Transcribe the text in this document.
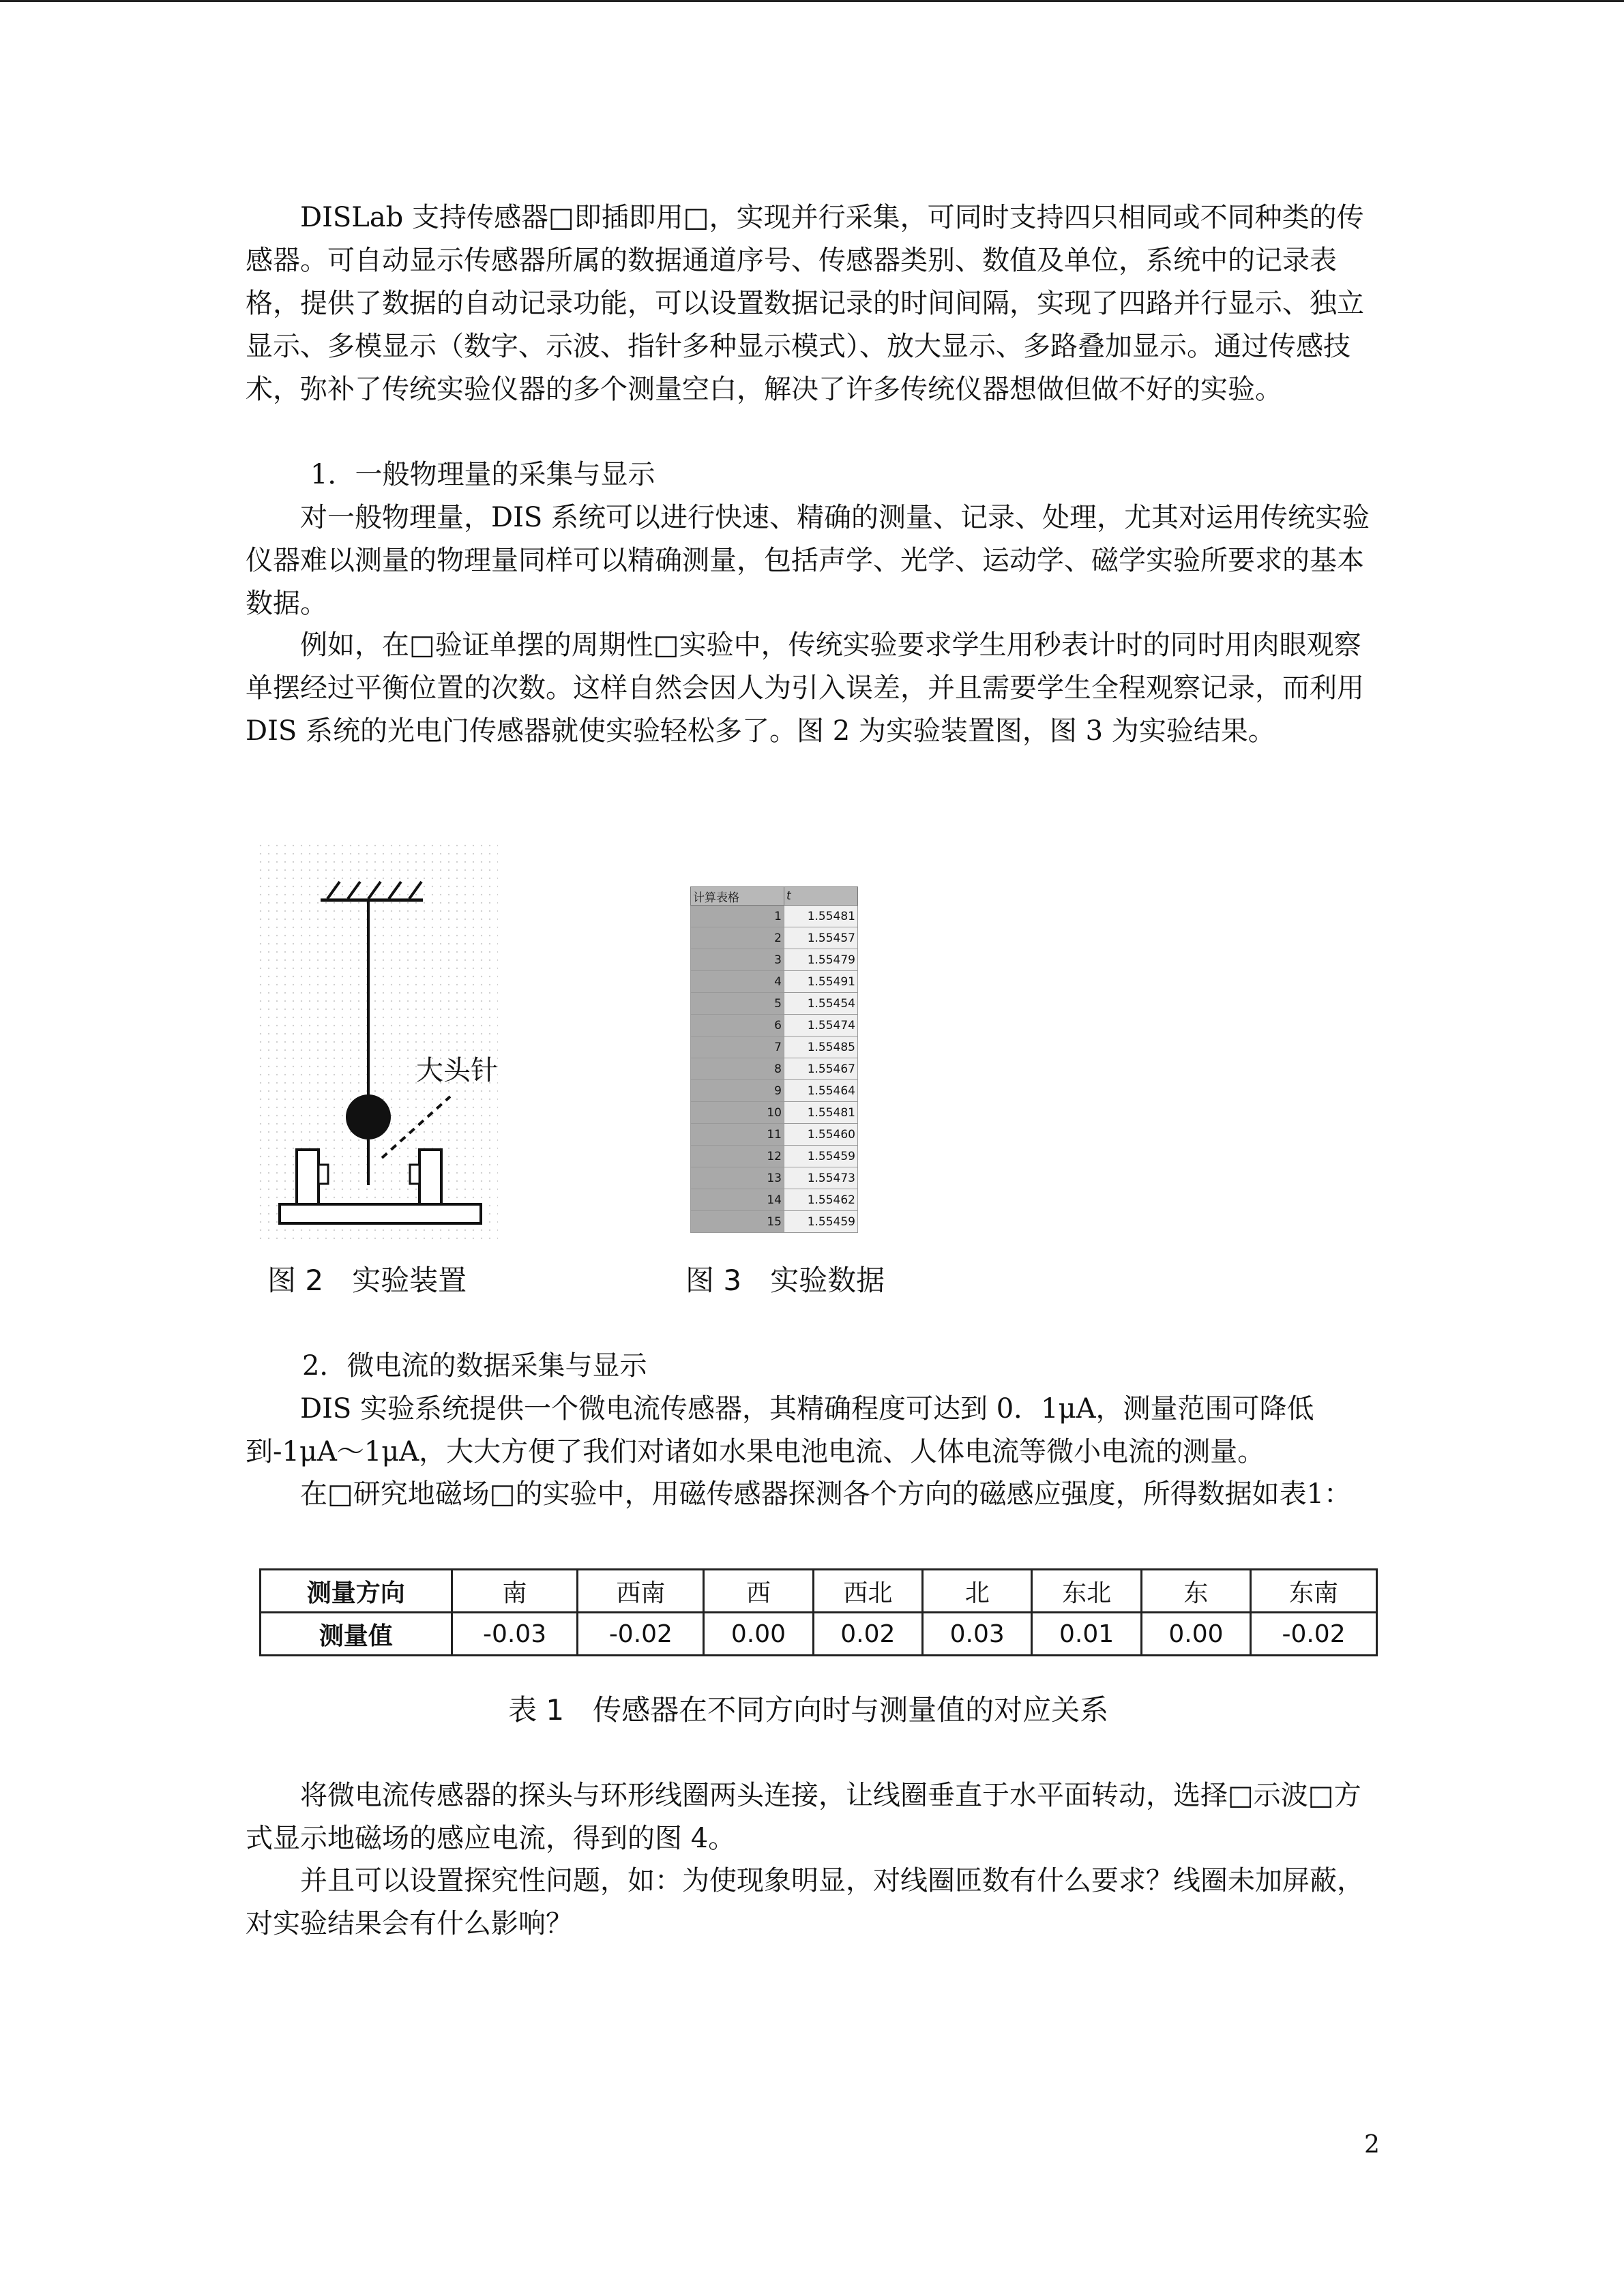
DISLab 支持传感器□即插即用□，实现并行采集，可同时支持四只相同或不同种类的传感器。可自动显示传感器所属的数据通道序号、传感器类别、数值及单位，系统中的记录表格，提供了数据的自动记录功能，可以设置数据记录的时间间隔，实现了四路并行显示、独立显示、多模显示（数字、示波、指针多种显示模式）、放大显示、多路叠加显示。通过传感技术，弥补了传统实验仪器的多个测量空白，解决了许多传统仪器想做但做不好的实验。

1．一般物理量的采集与显示

对一般物理量，DIS 系统可以进行快速、精确的测量、记录、处理，尤其对运用传统实验仪器难以测量的物理量同样可以精确测量，包括声学、光学、运动学、磁学实验所要求的基本数据。

例如，在□验证单摆的周期性□实验中，传统实验要求学生用秒表计时的同时用肉眼观察单摆经过平衡位置的次数。这样自然会因人为引入误差，并且需要学生全程观察记录，而利用 DIS 系统的光电门传感器就使实验轻松多了。图 2 为实验装置图，图 3 为实验结果。

大头针
图 2　实验装置
计算表格	t
1	1.55481
2	1.55457
3	1.55479
4	1.55491
5	1.55454
6	1.55474
7	1.55485
8	1.55467
9	1.55464
10	1.55481
11	1.55460
12	1.55459
13	1.55473
14	1.55462
15	1.55459
图 3　实验数据
2．微电流的数据采集与显示

DIS 实验系统提供一个微电流传感器，其精确程度可达到 0．1μA，测量范围可降低到-1μA～1μA，大大方便了我们对诸如水果电池电流、人体电流等微小电流的测量。

在□研究地磁场□的实验中，用磁传感器探测各个方向的磁感应强度，所得数据如表1：

测量方向	南	西南	西	西北	北	东北	东	东南
测量值	-0.03	-0.02	0.00	0.02	0.03	0.01	0.00	-0.02
表 1　传感器在不同方向时与测量值的对应关系

将微电流传感器的探头与环形线圈两头连接，让线圈垂直于水平面转动，选择□示波□方式显示地磁场的感应电流，得到的图 4。

并且可以设置探究性问题，如：为使现象明显，对线圈匝数有什么要求？线圈未加屏蔽，对实验结果会有什么影响？

2
